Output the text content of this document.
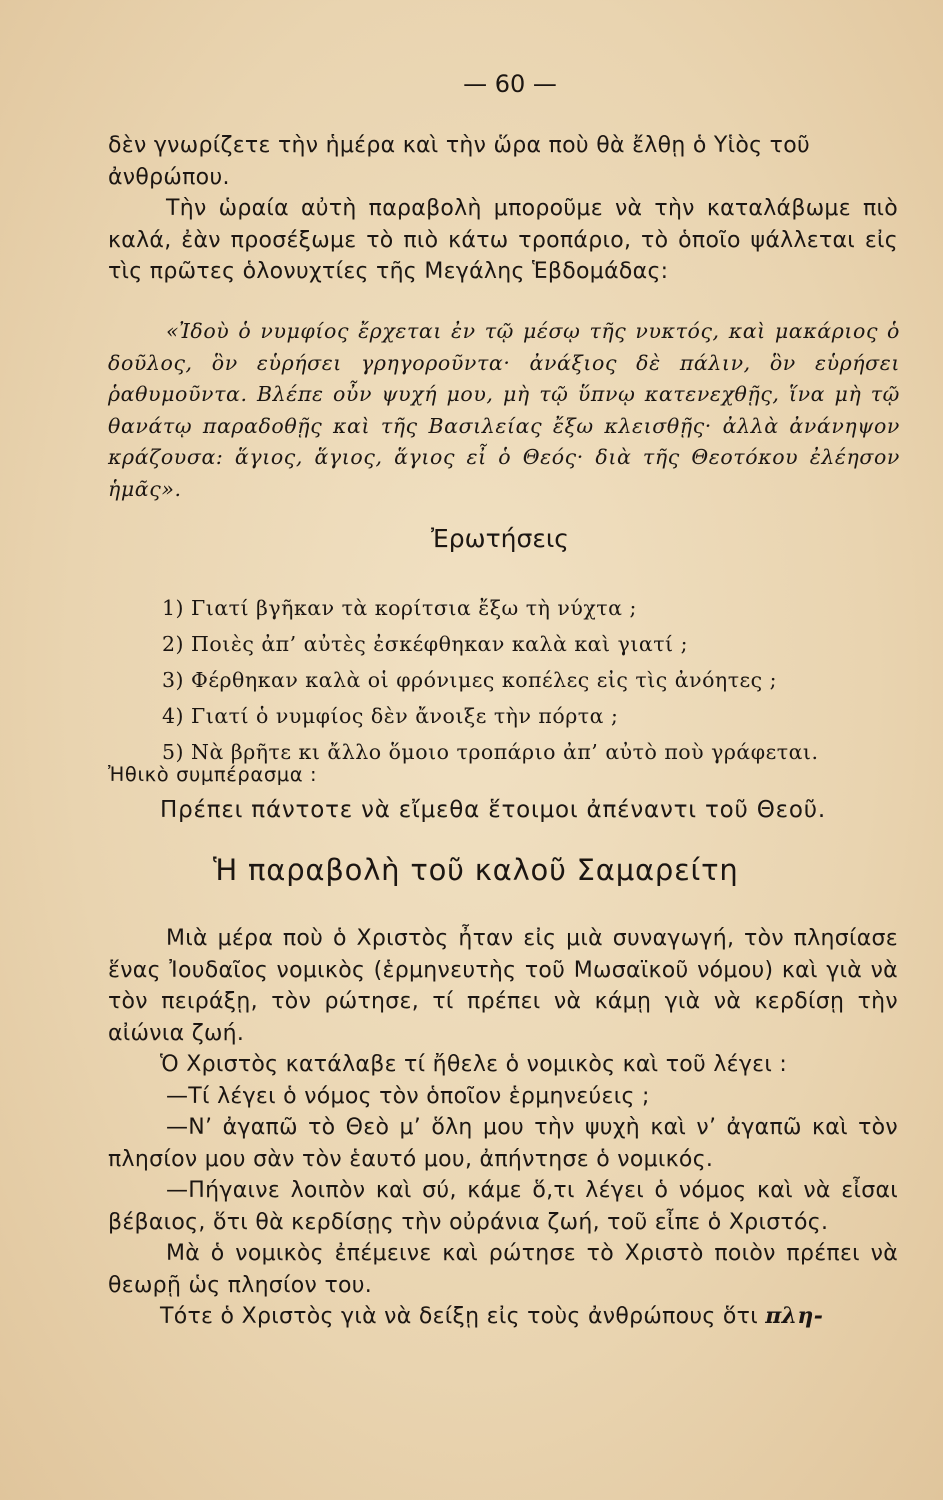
— 60 —

δὲν γνωρίζετε τὴν ἡμέρα καὶ τὴν ὥρα ποὺ θὰ ἔλθῃ ὁ Υἱὸς τοῦ

ἀνθρώπου.

Τὴν ὡραία αὐτὴ παραβολὴ μποροῦμε νὰ τὴν καταλάβωμε πιὸ καλά, ἐὰν προσέξωμε τὸ πιὸ κάτω τροπάριο, τὸ ὁποῖο ψάλλεται εἰς τὶς πρῶτες ὁλονυχτίες τῆς Μεγάλης Ἑβδομάδας:

«Ἰδοὺ ὁ νυμφίος ἔρχεται ἐν τῷ μέσῳ τῆς νυκτός, καὶ μακάριος ὁ δοῦλος, ὃν εὑρήσει γρηγοροῦντα· ἀνάξιος δὲ πάλιν, ὃν εὑρήσει ῥαθυμοῦντα. Βλέπε οὖν ψυχή μου, μὴ τῷ ὕπνῳ κατενεχθῇς, ἵνα μὴ τῷ θανάτῳ παραδοθῇς καὶ τῆς Βασιλείας ἔξω κλεισθῇς· ἀλλὰ ἀνάνηψον κράζουσα: ἅγιος, ἅγιος, ἅγιος εἶ ὁ Θεός· διὰ τῆς Θεοτόκου ἐλέησον ἡμᾶς».

Ἐρωτήσεις
1) Γιατί βγῆκαν τὰ κορίτσια ἔξω τὴ νύχτα ;
2) Ποιὲς ἀπ’ αὐτὲς ἐσκέφθηκαν καλὰ καὶ γιατί ;
3) Φέρθηκαν καλὰ οἱ φρόνιμες κοπέλες εἰς τὶς ἀνόητες ;
4) Γιατί ὁ νυμφίος δὲν ἄνοιξε τὴν πόρτα ;
5) Νὰ βρῆτε κι ἄλλο ὅμοιο τροπάριο ἀπ’ αὐτὸ ποὺ γράφεται.
Ἠθικὸ συμπέρασμα :
Πρέπει πάντοτε νὰ εἴμεθα ἕτοιμοι ἀπέναντι τοῦ Θεοῦ.
Ἡ παραβολὴ τοῦ καλοῦ Σαμαρείτη

Μιὰ μέρα ποὺ ὁ Χριστὸς ἦταν εἰς μιὰ συναγωγή, τὸν πλησίασε ἕνας Ἰουδαῖος νομικὸς (ἑρμηνευτὴς τοῦ Μωσαϊκοῦ νόμου) καὶ γιὰ νὰ τὸν πειράξῃ, τὸν ρώτησε, τί πρέπει νὰ κάμῃ γιὰ νὰ κερδίσῃ τὴν αἰώνια ζωή.

Ὁ Χριστὸς κατάλαβε τί ἤθελε ὁ νομικὸς καὶ τοῦ λέγει :

—Τί λέγει ὁ νόμος τὸν ὁποῖον ἑρμηνεύεις ;

—Ν’ ἀγαπῶ τὸ Θεὸ μ’ ὅλη μου τὴν ψυχὴ καὶ ν’ ἀγαπῶ καὶ τὸν πλησίον μου σὰν τὸν ἑαυτό μου, ἀπήντησε ὁ νομικός.

—Πήγαινε λοιπὸν καὶ σύ, κάμε ὅ,τι λέγει ὁ νόμος καὶ νὰ εἶσαι βέβαιος, ὅτι θὰ κερδίσῃς τὴν οὐράνια ζωή, τοῦ εἶπε ὁ Χριστός.

Μὰ ὁ νομικὸς ἐπέμεινε καὶ ρώτησε τὸ Χριστὸ ποιὸν πρέπει νὰ θεωρῇ ὡς πλησίον του.

Τότε ὁ Χριστὸς γιὰ νὰ δείξῃ εἰς τοὺς ἀνθρώπους ὅτι πλη-
